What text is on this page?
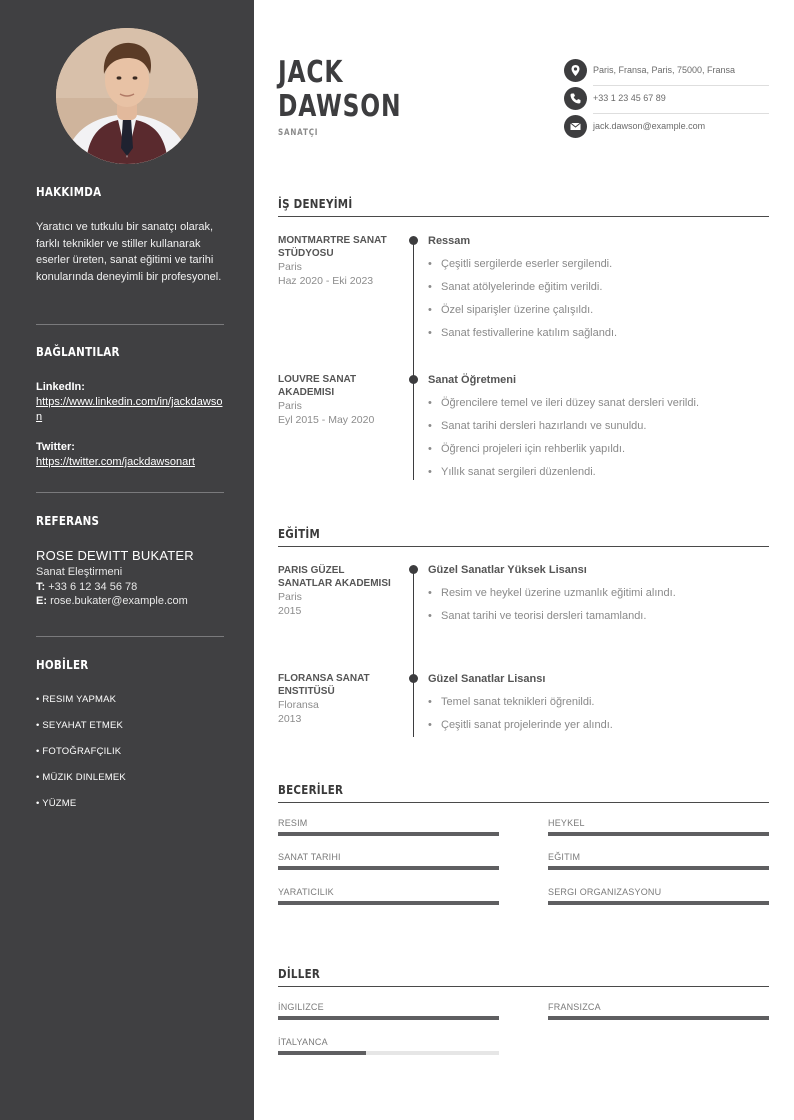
HAKKIMDA
Yaratıcı ve tutkulu bir sanatçı olarak, farklı teknikler ve stiller kullanarak eserler üreten, sanat eğitimi ve tarihi konularında deneyimli bir profesyonel.
BAĞLANTILAR
LinkedIn:
https://www.linkedin.com/in/jackdawson
Twitter:
https://twitter.com/jackdawsonart
REFERANS
ROSE DEWITT BUKATER
Sanat Eleştirmeni
T: +33 6 12 34 56 78
E: rose.bukater@example.com
HOBİLER
• RESIM YAPMAK
• SEYAHAT ETMEK
• FOTOĞRAFÇILIK
• MÜZIK DINLEMEK
• YÜZME
JACK
DAWSON
SANATÇI
Paris, Fransa, Paris, 75000, Fransa
+33 1 23 45 67 89
jack.dawson@example.com
İŞ DENEYİMİ
MONTMARTRE SANAT STÜDYOSU
Paris
Haz 2020 - Eki 2023
Ressam
• Çeşitli sergilerde eserler sergilendi.
• Sanat atölyelerinde eğitim verildi.
• Özel siparişler üzerine çalışıldı.
• Sanat festivallerine katılım sağlandı.
LOUVRE SANAT AKADEMISI
Paris
Eyl 2015 - May 2020
Sanat Öğretmeni
• Öğrencilere temel ve ileri düzey sanat dersleri verildi.
• Sanat tarihi dersleri hazırlandı ve sunuldu.
• Öğrenci projeleri için rehberlik yapıldı.
• Yıllık sanat sergileri düzenlendi.
EĞİTİM
PARIS GÜZEL SANATLAR AKADEMISI
Paris
2015
Güzel Sanatlar Yüksek Lisansı
• Resim ve heykel üzerine uzmanlık eğitimi alındı.
• Sanat tarihi ve teorisi dersleri tamamlandı.
FLORANSA SANAT ENSTITÜSÜ
Floransa
2013
Güzel Sanatlar Lisansı
• Temel sanat teknikleri öğrenildi.
• Çeşitli sanat projelerinde yer alındı.
BECERİLER
RESIM	HEYKEL
SANAT TARIHI	EĞITIM
YARATICILIK	SERGI ORGANIZASYONU
DİLLER
İNGILIZCE	FRANSIZCA
İTALYANCA
